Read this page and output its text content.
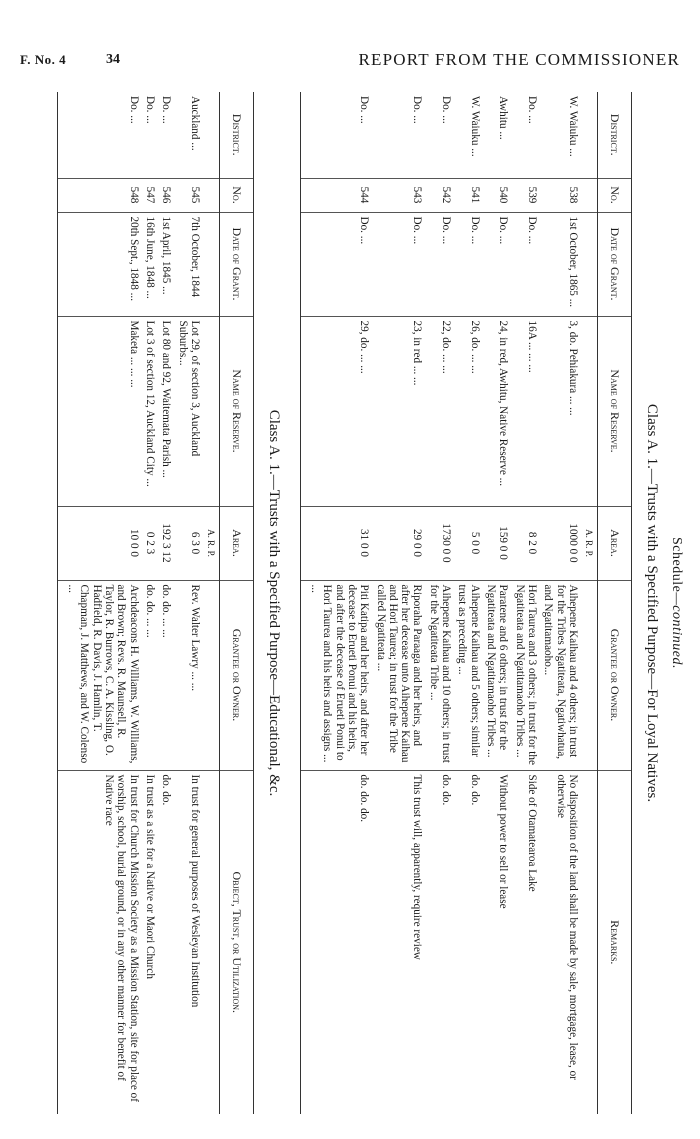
F. No. 4	34	REPORT FROM THE COMMISSIONER
Schedule—continued.
Class A. 1.—Trusts with a Specified Purpose—For Loyal Natives.
District.	No.	Date of Grant.	Name of Reserve.	Area.	Grantee or Owner.	Remarks.
				A. R. P.		
W. Waiuku ...	538	1st October, 1865 ...	3, do. Pehiakura ... ...	1000 0 0	Aihepene Kaihau and 4 others; in trust for the Tribes Ngatiteata, Ngatiwhatua, and Ngatitamaoho...	No disposition of the land shall be made by sale, mortgage, lease, or otherwise
Do. ...	539	Do. ...	16A ... ... ...	8 2 0	Hori Taurea and 3 others; in trust for the Ngatiteata and Ngatitamaoho Tribes ...	Side of Otamatearoa Lake
Awhitu ...	540	Do. ...	24, in red, Awhitu, Native Reserve ...	159 0 0	Paratene and 6 others; in trust for the Ngatiteata and Ngatitamaoho Tribes ...	Without power to sell or lease
W. Waiuku ...	541	Do. ...	26, do. ... ...	5 0 0	Aihepene Kaihau and 5 others; similar trust as preceding ...	do. do.
Do. ...	542	Do. ...	22, do. ... ...	1730 0 0	Aihepene Kaihau and 10 others; in trust for the Ngatiteata Tribe ...	do. do.
Do. ...	543	Do. ...	23, in red ... ...	29 0 0	Riporaha Paraaga and her heirs, and after her decease unto Aihepene Kaihau and Hori Taurea; in trust for the Tribe called Ngatiteata ...	This trust will, apparently, require review
Do. ...	544	Do. ...	29, do. ... ...	31 0 0	Piti Katipa and her heirs, and after her decease to Erueti Ponui and his heirs, and after the decease of Erueti Ponui to Hori Taurea and his heirs and assigns ... ...	do. do. do.
Class A. 1.—Trusts with a Specified Purpose—Educational, &c.
District.	No.	Date of Grant.	Name of Reserve.	Area.	Grantee or Owner.	Object, Trust, or Utilization.
				A. R. P.		
Auckland ...	545	7th October, 1844	Lot 29, of section 3, Auckland Suburbs...	6 3 0	Rev. Walter Lawry ... ...	In trust for general purposes of Wesleyan Institution
Do. ...	546	1st April, 1845 ...	Lot 80 and 92, Waitemata Parish ...	192 3 12	do. do. ... ...	do. do.
Do. ...	547	16th June, 1848 ...	Lot 3 of section 12, Auckland City ...	0 2 3	do. do. ... ...	In trust as a site for a Native or Maori Church
Do. ...	548	20th Sept., 1848 ...	Maketa ... ... ...	10 0 0	Archdeacons H. Williams, W. Williams, and Brown; Revs. R. Maunsell, R. Taylor, R. Burrows, C. A. Kissling, O. Hadfield, R. Davis, J. Hamlin, T. Chapman, J. Matthews, and W. Colenso ...	In trust for Church Mission Society as a Mission Station, site for place of worship, school, burial ground, or in any other manner for benefit of Native race
